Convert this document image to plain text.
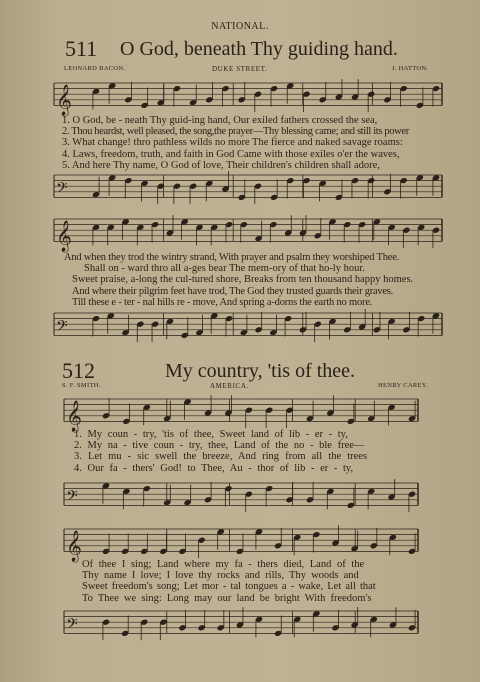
NATIONAL.
511 O God, beneath Thy guiding hand.
LEONARD BACON.	DUKE STREET.	J. HATTON.
1. O God, be - neath Thy guid-ing hand, Our exiled fathers crossed the sea,
2. Thou heardst, well pleased, the song,the prayer—Thy blessing came; and still its power
3. What change! thro pathless wilds no more The fierce and naked savage roams:
4. Laws, freedom, truth, and faith in God Came with those exiles o'er the waves,
5. And here Thy name, O God of love, Their children's children shall adore,
And when they trod the wintry strand, With prayer and psalm they worshiped Thee.
Shall on - ward thro all a-ges bear The mem-ory of that ho-ly hour.
Sweet praise, a-long the cul-tured shore, Breaks from ten thousand happy homes.
And where their pilgrim feet have trod, The God they trusted guards their graves.
Till these e - ter - nal hills re - move, And spring a-dorns the earth no more.
512	My country, 'tis of thee.
S. F. SMITH.	AMERICA.	HENRY CAREY.
1. My coun - try, 'tis of thee, Sweet land of lib - er - ty,
2. My na - tive coun - try, thee, Land of the no - ble free—
3. Let mu - sic swell the breeze, And ring from all the trees
4. Our fa - thers' God! to Thee, Au - thor of lib - er - ty,
Of thee I sing; Land where my fa - thers died, Land of the
Thy name I love; I love thy rocks and rills, Thy woods and
Sweet freedom's song; Let mor - tal tongues a - wake, Let all that
To Thee we sing: Long may our land be bright With freedom's
𝄞
𝄢
𝄞
𝄢
𝄞
𝄢
𝄞
𝄢
